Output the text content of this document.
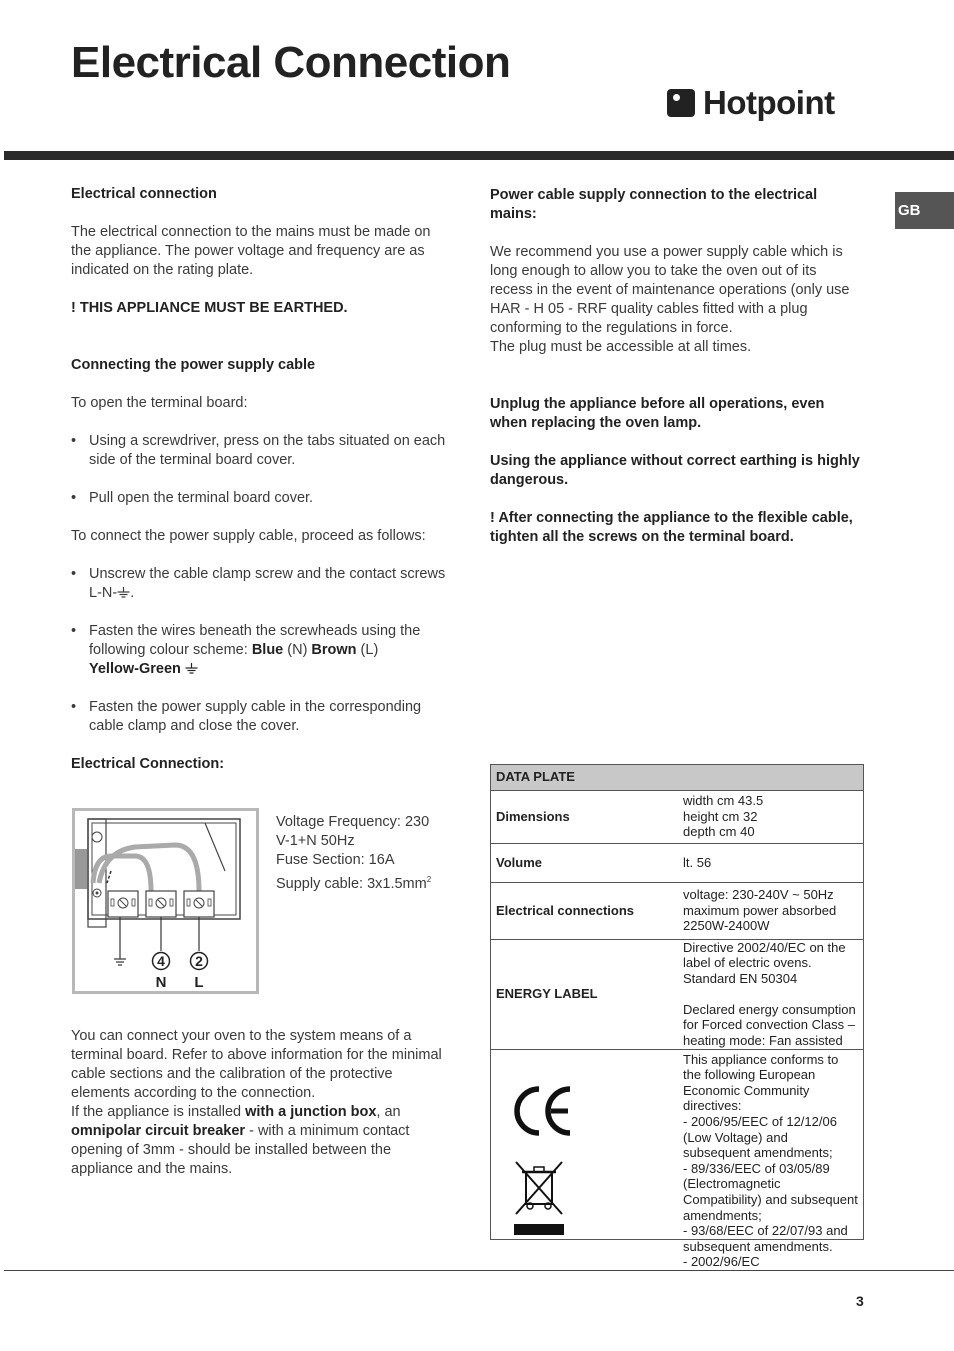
Electrical Connection
Hotpoint
GB

Electrical connection

The electrical connection to the mains must be made on the appliance. The power voltage and frequency are as indicated on the rating plate.

! THIS APPLIANCE MUST BE EARTHED.

Connecting the power supply cable

To open the terminal board:

• Using a screwdriver, press on the tabs situated on each side of the terminal board cover.

• Pull open the terminal board cover.

To connect the power supply cable, proceed as follows:

• Unscrew the cable clamp screw and the contact screws L-N- .

• Fasten the wires beneath the screwheads using the following colour scheme: Blue (N) Brown (L)
Yellow-Green

• Fasten the power supply cable in the corresponding cable clamp and close the cover.

Electrical Connection:

4 2
N L
Voltage Frequency: 230
V-1+N 50Hz
Fuse Section: 16A
Supply cable: $3x1.5mm^2$
You can connect your oven to the system means of a terminal board. Refer to above information for the minimal cable sections and the calibration of the protective elements according to the connection.
If the appliance is installed with a junction box, an omnipolar circuit breaker - with a minimum contact opening of 3mm - should be installed between the appliance and the mains.

Power cable supply connection to the electrical mains:

We recommend you use a power supply cable which is long enough to allow you to take the oven out of its recess in the event of maintenance operations (only use HAR - H 05 - RRF quality cables fitted with a plug conforming to the regulations in force.

The plug must be accessible at all times.

Unplug the appliance before all operations, even when replacing the oven lamp.

Using the appliance without correct earthing is highly dangerous.

! After connecting the appliance to the flexible cable, tighten all the screws on the terminal board.

DATA PLATE	
Dimensions	width cm 43.5
height cm 32
depth cm 40

Volume	lt. 56

Electrical connections	voltage: 230-240V ~ 50Hz
maximum power absorbed 2250W-2400W

ENERGY LABEL	Directive 2002/40/EC on the label of electric ovens.
Standard EN 50304
Declared energy consumption for Forced convection Class – heating mode: Fan assisted

This appliance conforms to the following European Economic Community directives:
- 2006/95/EEC of 12/12/06 (Low Voltage) and subsequent amendments;
- 89/336/EEC of 03/05/89 (Electromagnetic Compatibility) and subsequent amendments;
- 93/68/EEC of 22/07/93 and subsequent amendments.
- 2002/96/EC
3
